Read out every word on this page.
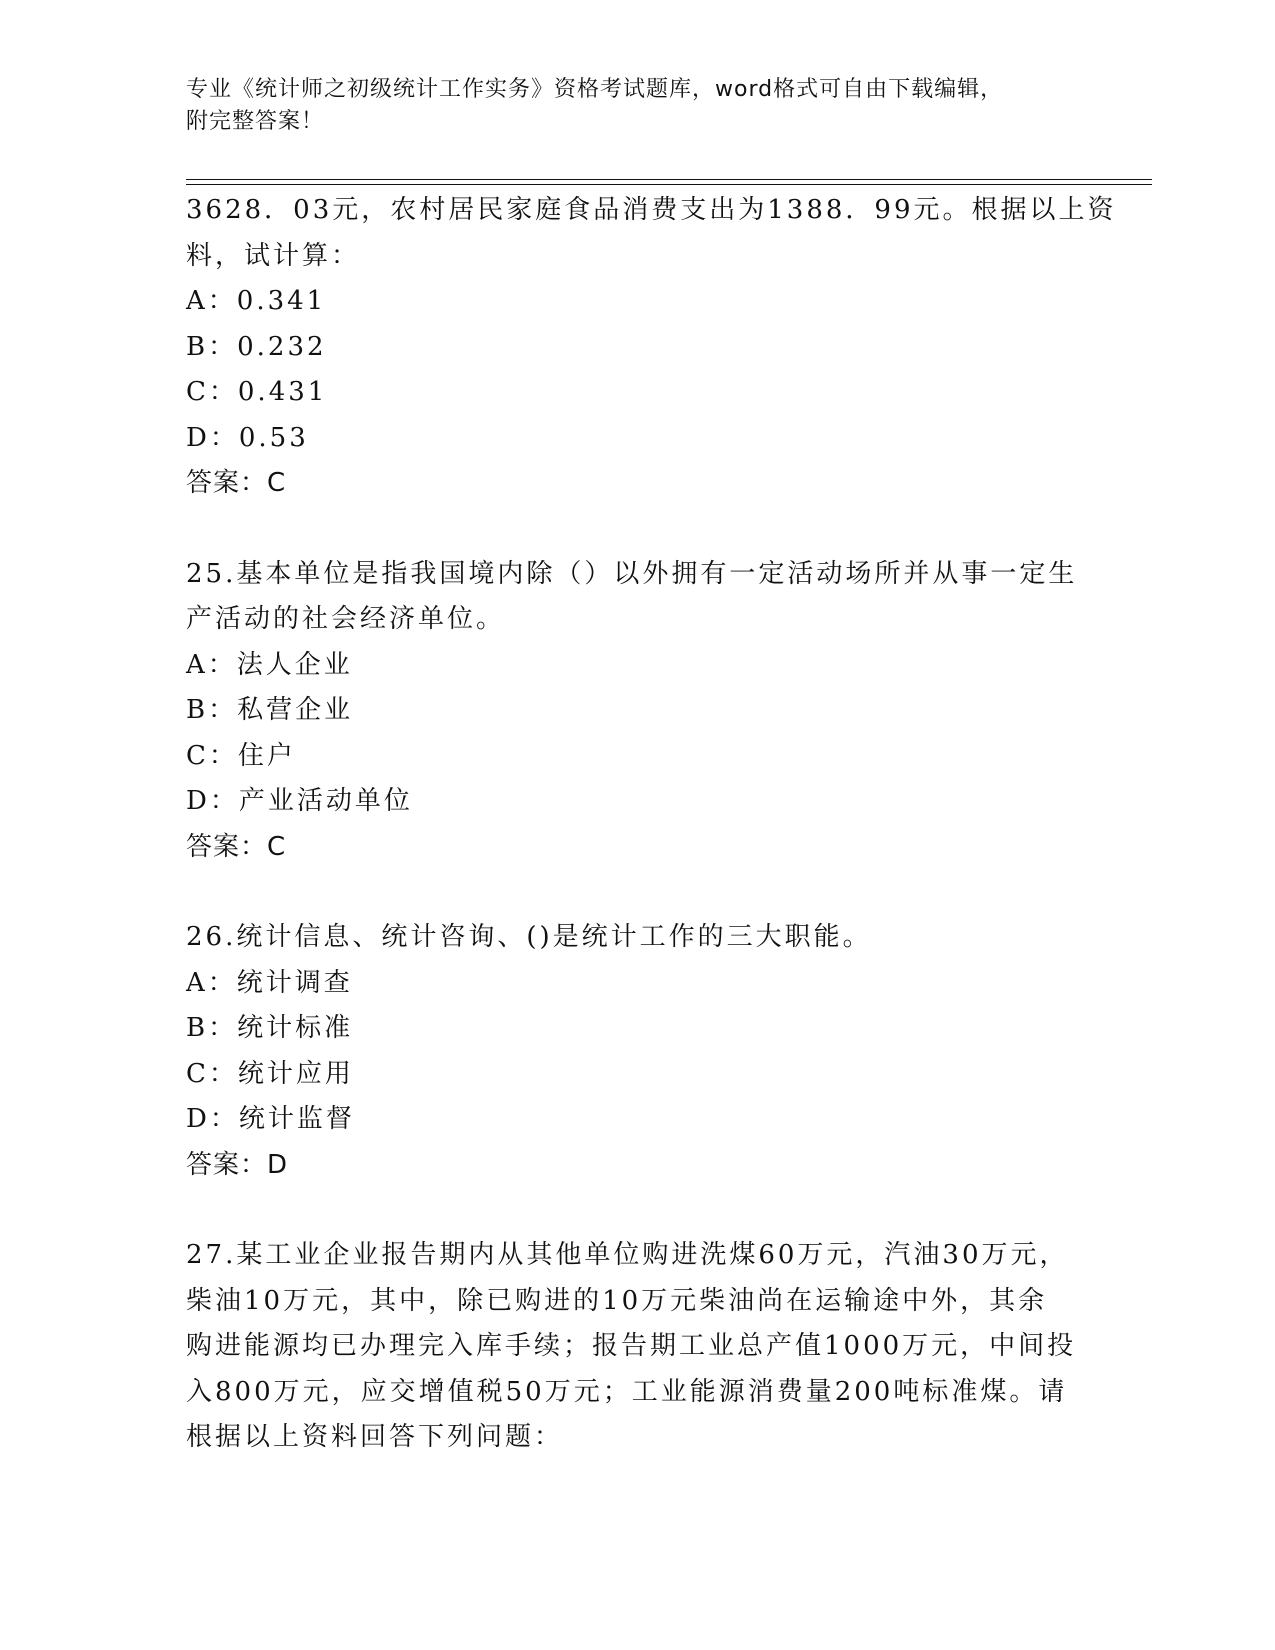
专业《统计师之初级统计工作实务》资格考试题库，word格式可自由下载编辑，
附完整答案！
3628．03元，农村居民家庭食品消费支出为1388．99元。根据以上资
料，试计算：
A：0.341
B：0.232
C：0.431
D：0.53
答案：C
25.基本单位是指我国境内除（）以外拥有一定活动场所并从事一定生
产活动的社会经济单位。
A：法人企业
B：私营企业
C：住户
D：产业活动单位
答案：C
26.统计信息、统计咨询、()是统计工作的三大职能。
A：统计调查
B：统计标准
C：统计应用
D：统计监督
答案：D
27.某工业企业报告期内从其他单位购进洗煤60万元，汽油30万元，
柴油10万元，其中，除已购进的10万元柴油尚在运输途中外，其余
购进能源均已办理完入库手续；报告期工业总产值1000万元，中间投
入800万元，应交增值税50万元；工业能源消费量200吨标准煤。请
根据以上资料回答下列问题：
